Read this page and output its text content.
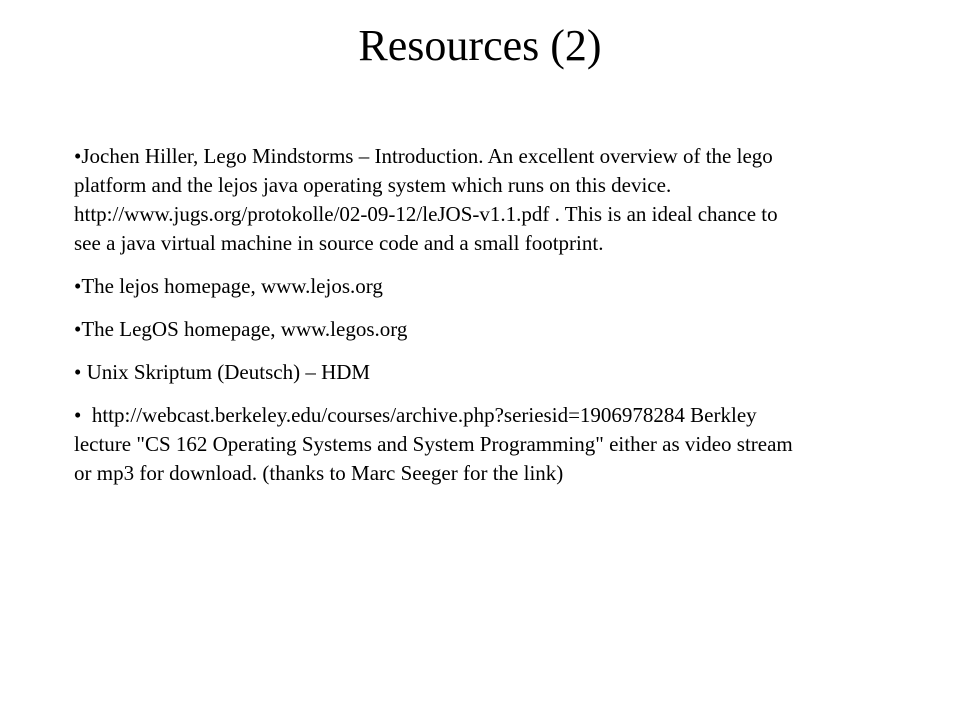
Resources (2)
•Jochen Hiller, Lego Mindstorms – Introduction. An excellent overview of the lego platform and the lejos java operating system which runs on this device. http://www.jugs.org/protokolle/02-09-12/leJOS-v1.1.pdf . This is an ideal chance to see a java virtual machine in source code and a small footprint.
•The lejos homepage, www.lejos.org
•The LegOS homepage, www.legos.org
• Unix Skriptum (Deutsch) – HDM
•  http://webcast.berkeley.edu/courses/archive.php?seriesid=1906978284 Berkley lecture "CS 162 Operating Systems and System Programming" either as video stream or mp3 for download. (thanks to Marc Seeger for the link)
